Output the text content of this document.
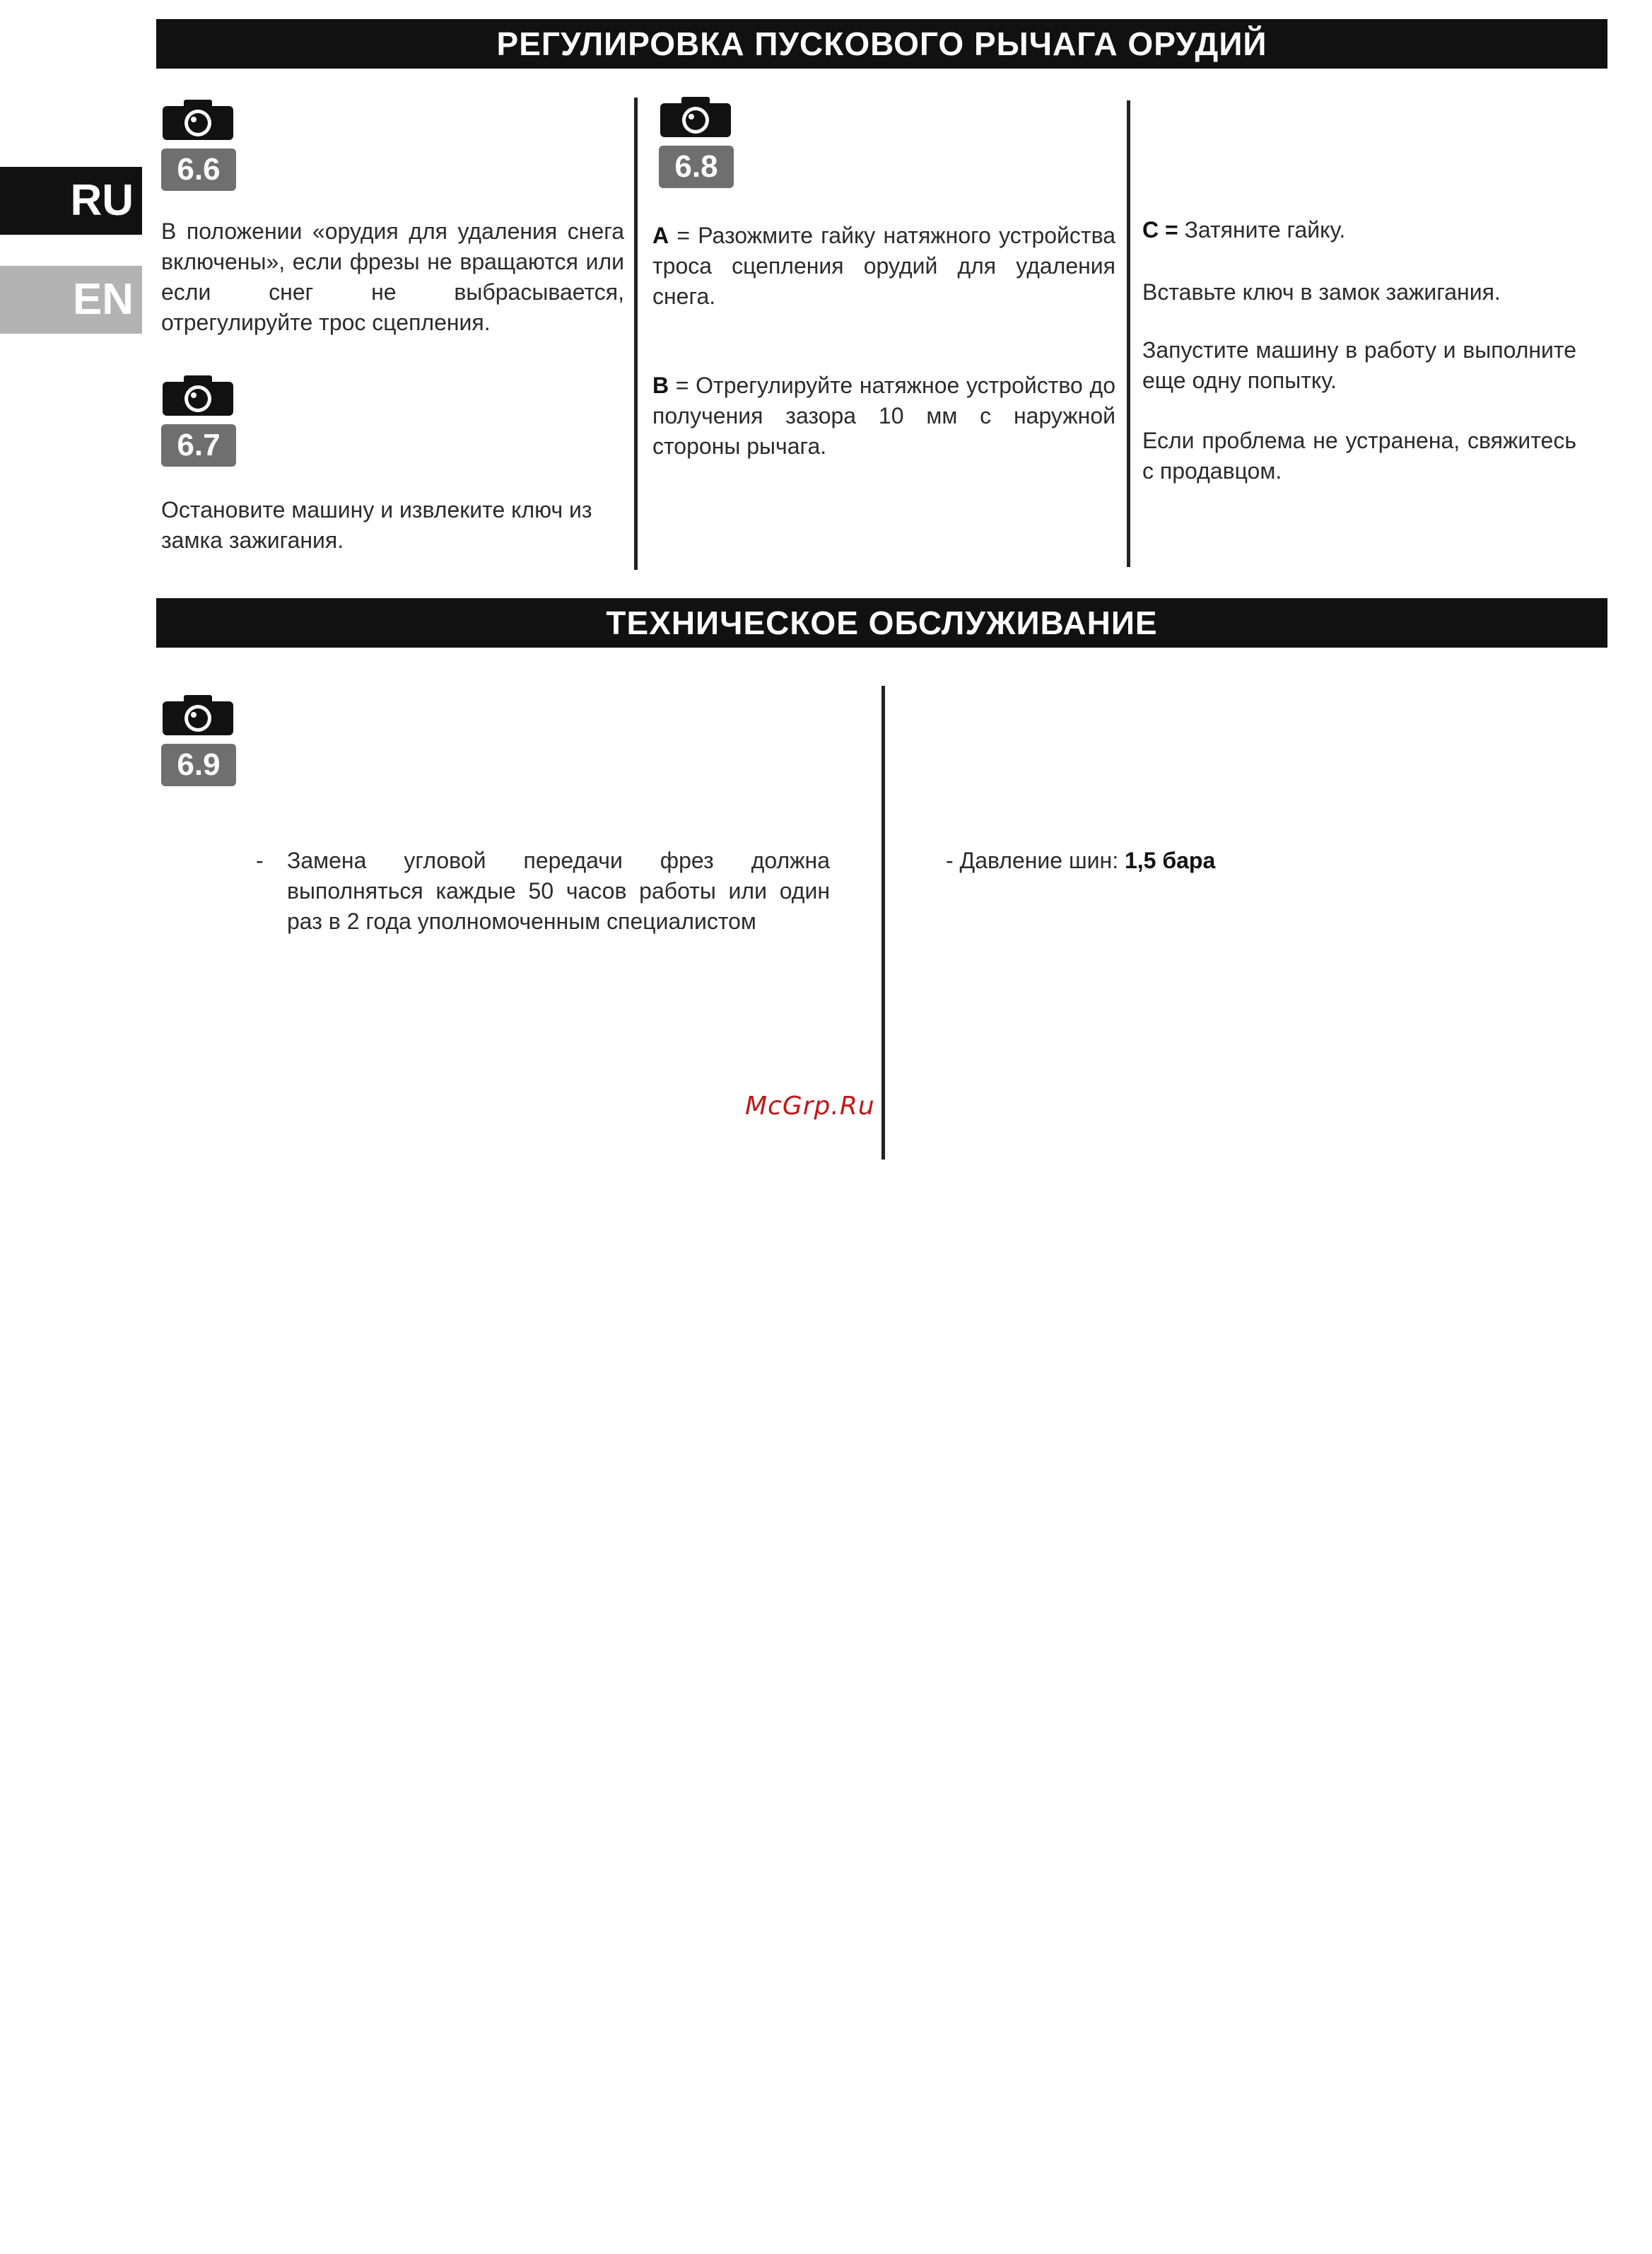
РЕГУЛИРОВКА ПУСКОВОГО РЫЧАГА ОРУДИЙ
RU
EN
6.6
В положении «орудия для удаления снега включены», если фрезы не вращаются или если снег не выбрасывается, отрегулируйте трос сцепления.
6.7
Остановите машину и извлеките ключ из замка зажигания.
6.8

A = Разожмите гайку натяжного устройства троса сцепления орудий для удаления снега.

B = Отрегулируйте натяжное устройство до получения зазора 10 мм с наружной стороны рычага.

C = Затяните гайку.

Вставьте ключ в замок зажигания.
Запустите машину в работу и выполните еще одну попытку.
Если проблема не устранена, свяжитесь с продавцом.
ТЕХНИЧЕСКОЕ ОБСЛУЖИВАНИЕ
6.9
-	Замена угловой передачи фрез должна выполняться каждые 50 часов работы или один раз в 2 года уполномоченным специалистом

- Давление шин: 1,5 бара

McGrp.Ru
